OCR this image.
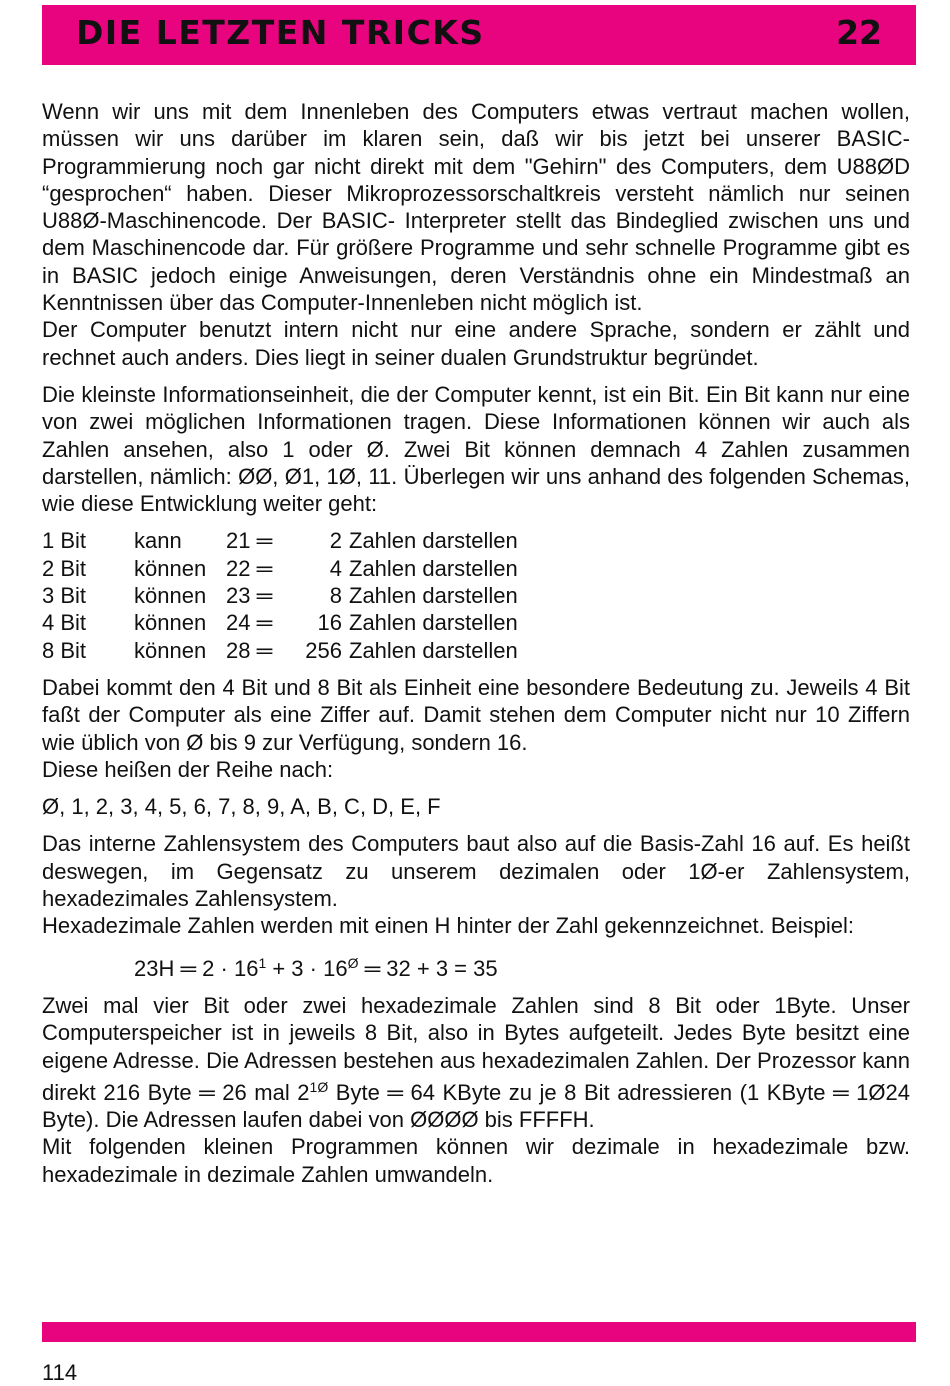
DIE LETZTEN TRICKS	22

Wenn wir uns mit dem Innenleben des Computers etwas vertraut machen wollen, müssen wir uns darüber im klaren sein, daß wir bis jetzt bei unserer BASIC-Programmierung noch gar nicht direkt mit dem "Gehirn" des Computers, dem U88ØD “gesprochen“ haben. Dieser Mikroprozessorschaltkreis versteht nämlich nur seinen U88Ø-Maschinencode. Der BASIC- Interpreter stellt das Bindeglied zwischen uns und dem Maschinencode dar. Für größere Programme und sehr schnelle Programme gibt es in BASIC jedoch einige Anweisungen, deren Verständnis ohne ein Mindestmaß an Kenntnissen über das Computer-Innenleben nicht möglich ist.

Der Computer benutzt intern nicht nur eine andere Sprache, sondern er zählt und rechnet auch anders. Dies liegt in seiner dualen Grundstruktur begründet.

Die kleinste Informationseinheit, die der Computer kennt, ist ein Bit. Ein Bit kann nur eine von zwei möglichen Informationen tragen. Diese Informationen können wir auch als Zahlen ansehen, also 1 oder Ø. Zwei Bit können demnach 4 Zahlen zusammen darstellen, nämlich: ØØ, Ø1, 1Ø, 11. Überlegen wir uns anhand des folgenden Schemas, wie diese Entwicklung weiter geht:

1 Bit	kann	21 ═	2 Zahlen darstellen
2 Bit	können 22 ═	4 Zahlen darstellen
3 Bit	können 23 ═	8 Zahlen darstellen
4 Bit	können 24 ═	16 Zahlen darstellen
8 Bit	können 28 ═	256 Zahlen darstellen

Dabei kommt den 4 Bit und 8 Bit als Einheit eine besondere Bedeutung zu. Jeweils 4 Bit faßt der Computer als eine Ziffer auf. Damit stehen dem Computer nicht nur 10 Ziffern wie üblich von Ø bis 9 zur Verfügung, sondern 16.

Diese heißen der Reihe nach:

Ø, 1, 2, 3, 4, 5, 6, 7, 8, 9, A, B, C, D, E, F

Das interne Zahlensystem des Computers baut also auf die Basis-Zahl 16 auf. Es heißt deswegen, im Gegensatz zu unserem dezimalen oder 1Ø-er Zahlensystem, hexadezimales Zahlensystem.

Hexadezimale Zahlen werden mit einen H hinter der Zahl gekennzeichnet. Beispiel:

23H ═ $2 \cdot 16^1 + 3 \cdot 16^Ø$ ═ 32 + 3 = 35

Zwei mal vier Bit oder zwei hexadezimale Zahlen sind 8 Bit oder 1Byte. Unser Computerspeicher ist in jeweils 8 Bit, also in Bytes aufgeteilt. Jedes Byte besitzt eine eigene Adresse. Die Adressen bestehen aus hexadezimalen Zahlen. Der Prozessor kann direkt 216 Byte ═ 26 mal $2^{1Ø}$ Byte ═ 64 KByte zu je 8 Bit adressieren (1 KByte ═ 1Ø24 Byte). Die Adressen laufen dabei von ØØØØ bis FFFFH.

Mit folgenden kleinen Programmen können wir dezimale in hexadezimale bzw. hexadezimale in dezimale Zahlen umwandeln.

114
